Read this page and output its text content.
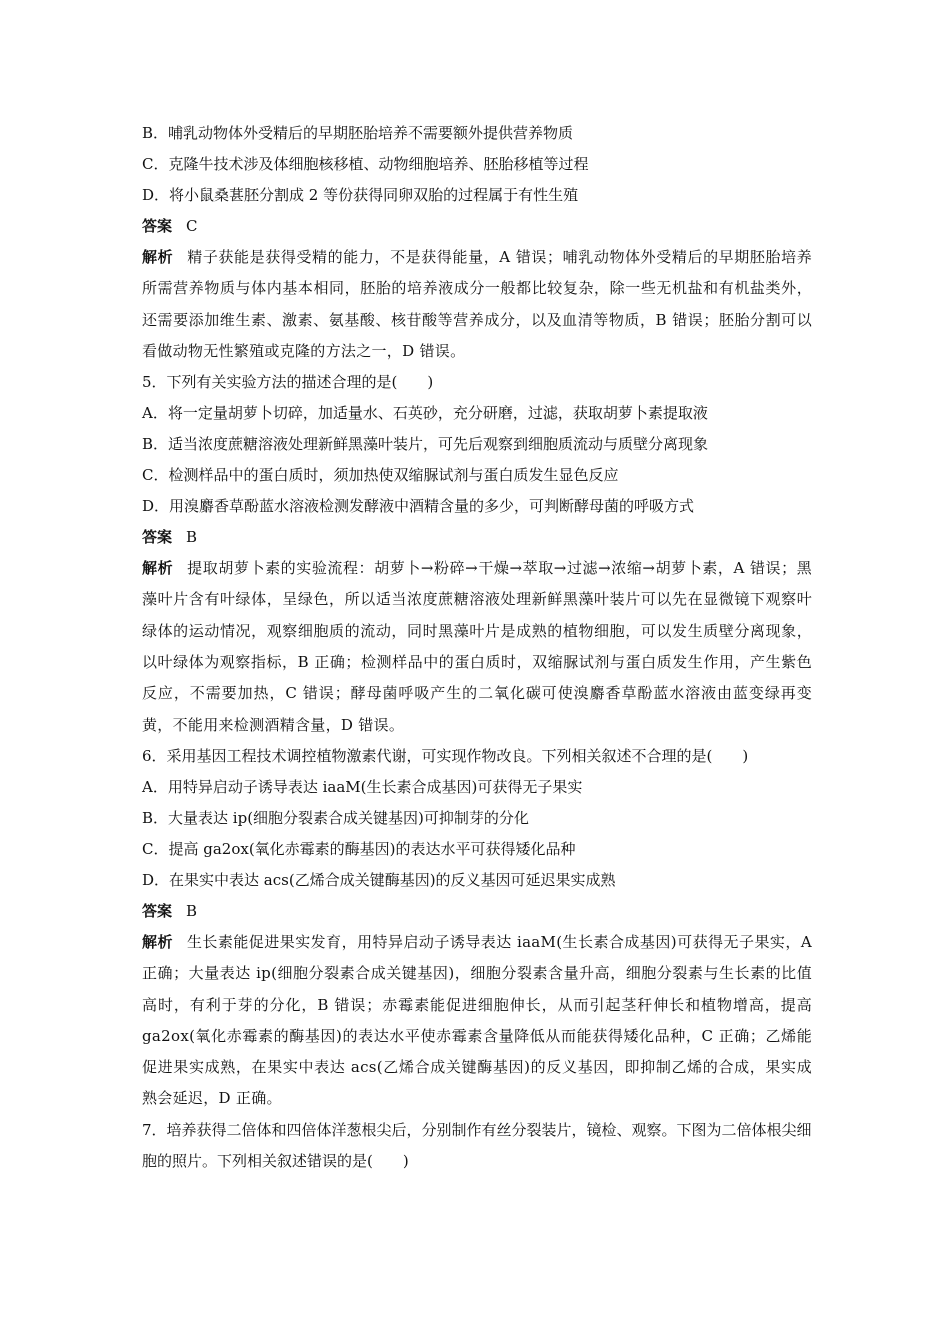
B．哺乳动物体外受精后的早期胚胎培养不需要额外提供营养物质
C．克隆牛技术涉及体细胞核移植、动物细胞培养、胚胎移植等过程
D．将小鼠桑葚胚分割成 2 等份获得同卵双胎的过程属于有性生殖
答案 C
解析 精子获能是获得受精的能力，不是获得能量，A 错误；哺乳动物体外受精后的早期胚胎培养所需营养物质与体内基本相同，胚胎的培养液成分一般都比较复杂，除一些无机盐和有机盐类外，还需要添加维生素、激素、氨基酸、核苷酸等营养成分，以及血清等物质，B 错误；胚胎分割可以看做动物无性繁殖或克隆的方法之一，D 错误。
5．下列有关实验方法的描述合理的是(　　)
A．将一定量胡萝卜切碎，加适量水、石英砂，充分研磨，过滤，获取胡萝卜素提取液
B．适当浓度蔗糖溶液处理新鲜黑藻叶装片，可先后观察到细胞质流动与质壁分离现象
C．检测样品中的蛋白质时，须加热使双缩脲试剂与蛋白质发生显色反应
D．用溴麝香草酚蓝水溶液检测发酵液中酒精含量的多少，可判断酵母菌的呼吸方式
答案 B
解析 提取胡萝卜素的实验流程：胡萝卜→粉碎→干燥→萃取→过滤→浓缩→胡萝卜素，A 错误；黑藻叶片含有叶绿体，呈绿色，所以适当浓度蔗糖溶液处理新鲜黑藻叶装片可以先在显微镜下观察叶绿体的运动情况，观察细胞质的流动，同时黑藻叶片是成熟的植物细胞，可以发生质壁分离现象，以叶绿体为观察指标，B 正确；检测样品中的蛋白质时，双缩脲试剂与蛋白质发生作用，产生紫色反应，不需要加热，C 错误；酵母菌呼吸产生的二氧化碳可使溴麝香草酚蓝水溶液由蓝变绿再变黄，不能用来检测酒精含量，D 错误。
6．采用基因工程技术调控植物激素代谢，可实现作物改良。下列相关叙述不合理的是(　　)
A．用特异启动子诱导表达 iaaM(生长素合成基因)可获得无子果实
B．大量表达 ip(细胞分裂素合成关键基因)可抑制芽的分化
C．提高 ga2ox(氧化赤霉素的酶基因)的表达水平可获得矮化品种
D．在果实中表达 acs(乙烯合成关键酶基因)的反义基因可延迟果实成熟
答案 B
解析 生长素能促进果实发育，用特异启动子诱导表达 iaaM(生长素合成基因)可获得无子果实，A 正确；大量表达 ip(细胞分裂素合成关键基因)，细胞分裂素含量升高，细胞分裂素与生长素的比值高时，有利于芽的分化，B 错误；赤霉素能促进细胞伸长，从而引起茎秆伸长和植物增高，提高 ga2ox(氧化赤霉素的酶基因)的表达水平使赤霉素含量降低从而能获得矮化品种，C 正确；乙烯能促进果实成熟，在果实中表达 acs(乙烯合成关键酶基因)的反义基因，即抑制乙烯的合成，果实成熟会延迟，D 正确。
7．培养获得二倍体和四倍体洋葱根尖后，分别制作有丝分裂装片，镜检、观察。下图为二倍体根尖细胞的照片。下列相关叙述错误的是(　　)
